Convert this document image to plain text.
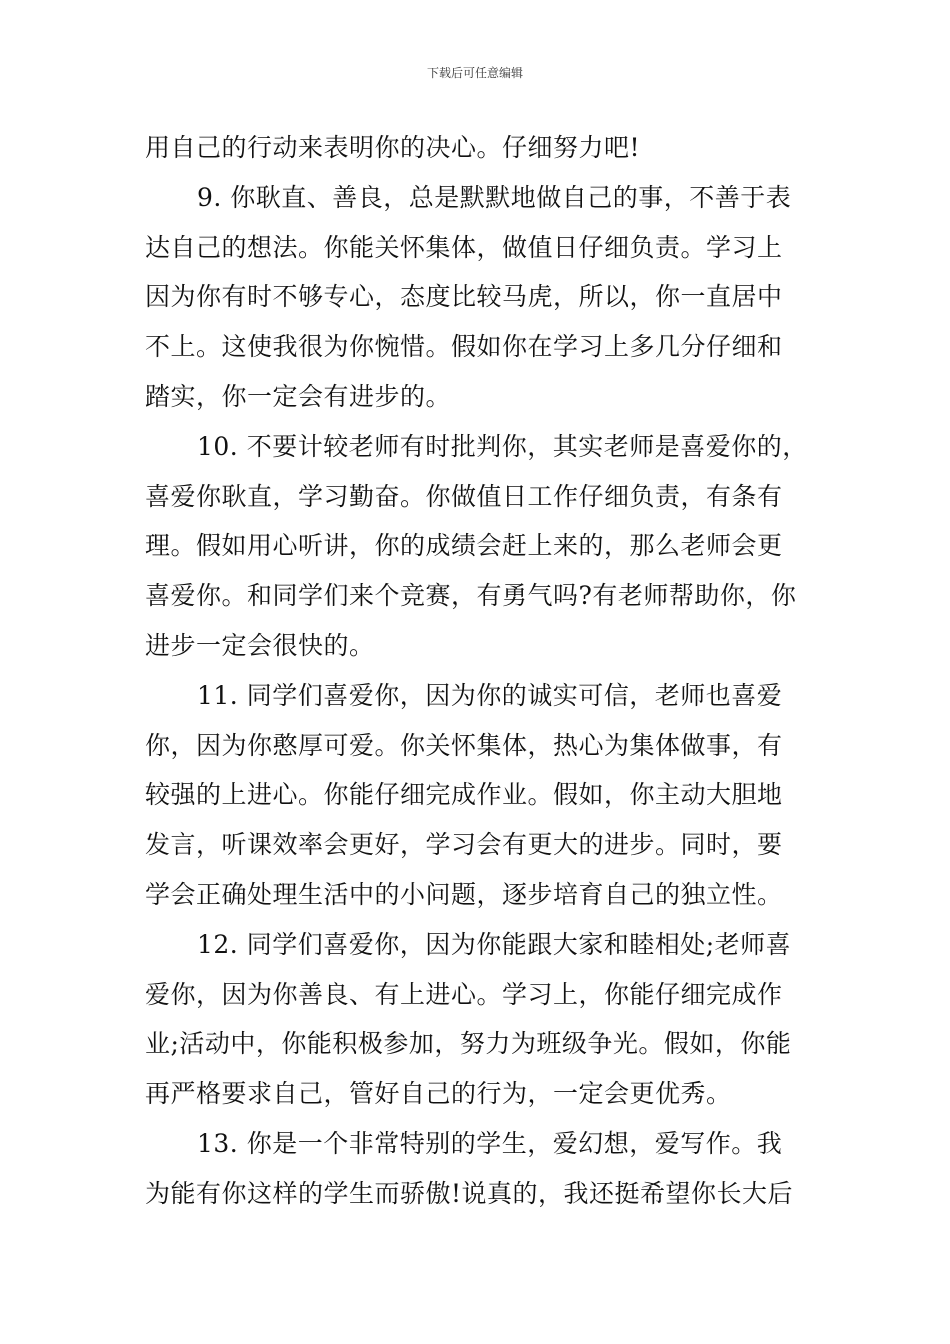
下载后可任意编辑
用自己的行动来表明你的决心。仔细努力吧!
9. 你耿直、善良，总是默默地做自己的事，不善于表
达自己的想法。你能关怀集体，做值日仔细负责。学习上
因为你有时不够专心，态度比较马虎，所以，你一直居中
不上。这使我很为你惋惜。假如你在学习上多几分仔细和
踏实，你一定会有进步的。
10. 不要计较老师有时批判你，其实老师是喜爱你的，
喜爱你耿直，学习勤奋。你做值日工作仔细负责，有条有
理。假如用心听讲，你的成绩会赶上来的，那么老师会更
喜爱你。和同学们来个竞赛，有勇气吗?有老师帮助你，你
进步一定会很快的。
11. 同学们喜爱你，因为你的诚实可信，老师也喜爱
你，因为你憨厚可爱。你关怀集体，热心为集体做事，有
较强的上进心。你能仔细完成作业。假如，你主动大胆地
发言，听课效率会更好，学习会有更大的进步。同时，要
学会正确处理生活中的小问题，逐步培育自己的独立性。
12. 同学们喜爱你，因为你能跟大家和睦相处;老师喜
爱你，因为你善良、有上进心。学习上，你能仔细完成作
业;活动中，你能积极参加，努力为班级争光。假如，你能
再严格要求自己，管好自己的行为，一定会更优秀。
13. 你是一个非常特别的学生，爱幻想，爱写作。我
为能有你这样的学生而骄傲!说真的，我还挺希望你长大后
